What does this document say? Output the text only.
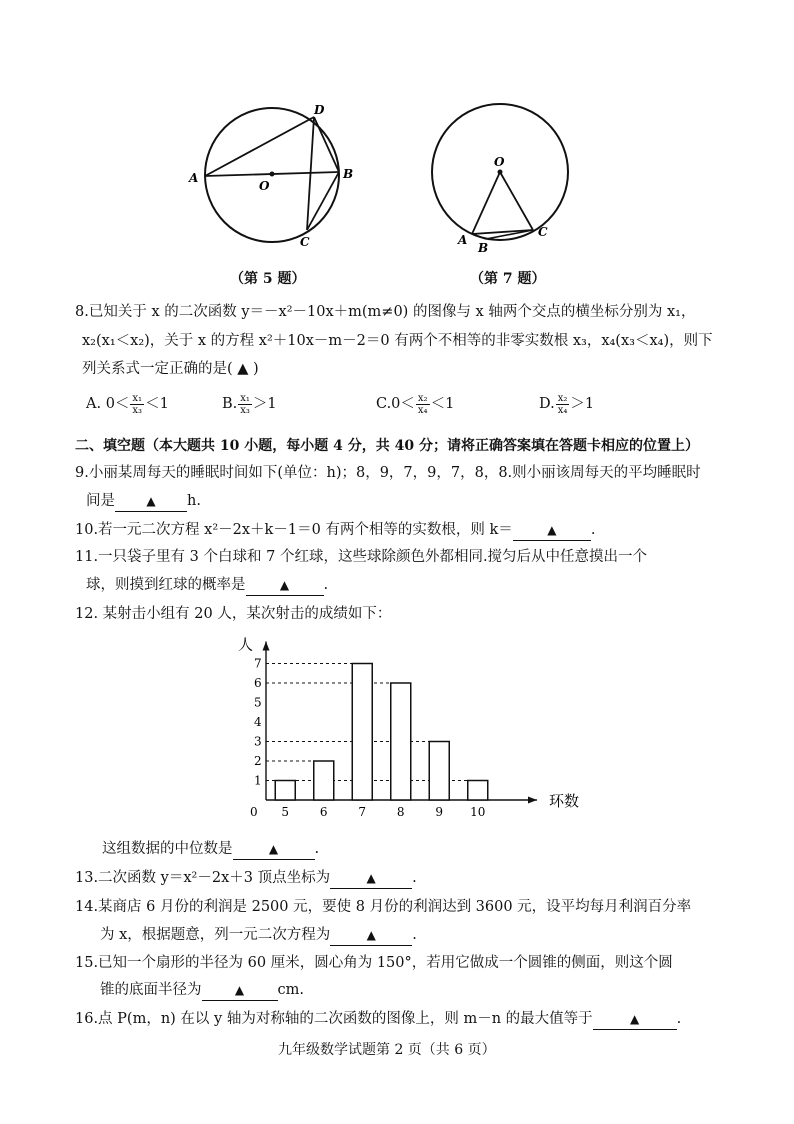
A
O
B
C
D
（第 5 题）
O
A
B
C
（第 7 题）
8.已知关于 x 的二次函数 y＝－x²－10x＋m(m≠0) 的图像与 x 轴两个交点的横坐标分别为 x₁，
x₂(x₁＜x₂)，关于 x 的方程 x²＋10x－m－2＝0 有两个不相等的非零实数根 x₃，x₄(x₃＜x₄)，则下
列关系式一定正确的是( ▲ )
A. $0< \frac{\text{x₁}}{\text{x₃}} <1$	B. $\frac{\text{x₁}}{\text{x₃}} >1$	$C.0< \frac{\text{x₂}}{\text{x₄}} <1$	D. $\frac{\text{x₂}}{\text{x₄}} >1$
二、填空题（本大题共 10 小题，每小题 4 分，共 40 分；请将正确答案填在答题卡相应的位置上）
9.小丽某周每天的睡眠时间如下(单位：h)；8，9，7，9，7，8，8.则小丽该周每天的平均睡眠时
间是	▲ h.
10.若一元二次方程 x²－2x＋k－1＝0 有两个相等的实数根，则 k＝	▲ .
11.一只袋子里有 3 个白球和 7 个红球，这些球除颜色外都相同.搅匀后从中任意摸出一个
球，则摸到红球的概率是	▲ .
12. 某射击小组有 20 人，某次射击的成绩如下：
人
环数
0
1
2
3
4
5
6
7
5	6	7	8	9 10
这组数据的中位数是	▲	.
13.二次函数 y＝x²－2x＋3 顶点坐标为	▲	.
14.某商店 6 月份的利润是 2500 元，要使 8 月份的利润达到 3600 元，设平均每月利润百分率
为 x，根据题意，列一元二次方程为	▲	.
15.已知一个扇形的半径为 60 厘米，圆心角为 150°，若用它做成一个圆锥的侧面，则这个圆
锥的底面半径为	▲ cm.
16.点 P(m，n) 在以 y 轴为对称轴的二次函数的图像上，则 m－n 的最大值等于	▲	.
九年级数学试题第 2 页（共 6 页）
